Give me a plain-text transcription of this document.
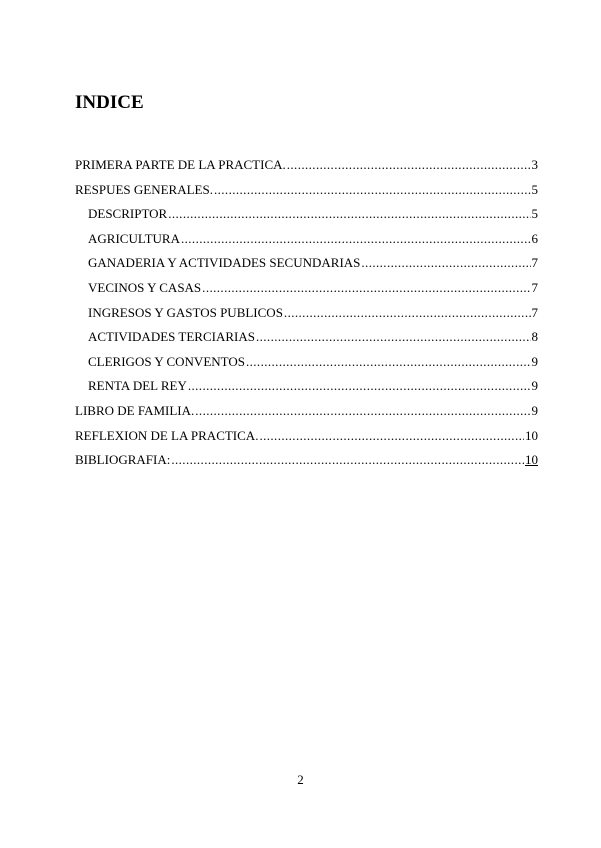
INDICE
PRIMERA PARTE DE LA PRACTICA. .....	3
RESPUES GENERALES. .....	5
DESCRIPTOR .....	5
AGRICULTURA .....	6
GANADERIA Y ACTIVIDADES SECUNDARIAS .....	7
VECINOS Y CASAS .....	7
INGRESOS Y GASTOS PUBLICOS .....	7
ACTIVIDADES TERCIARIAS .....	8
CLERIGOS Y CONVENTOS .....	9
RENTA DEL REY .....	9
LIBRO DE FAMILIA. .....	9
REFLEXION DE LA PRACTICA. .....	10
BIBLIOGRAFIA: .....	10
2
